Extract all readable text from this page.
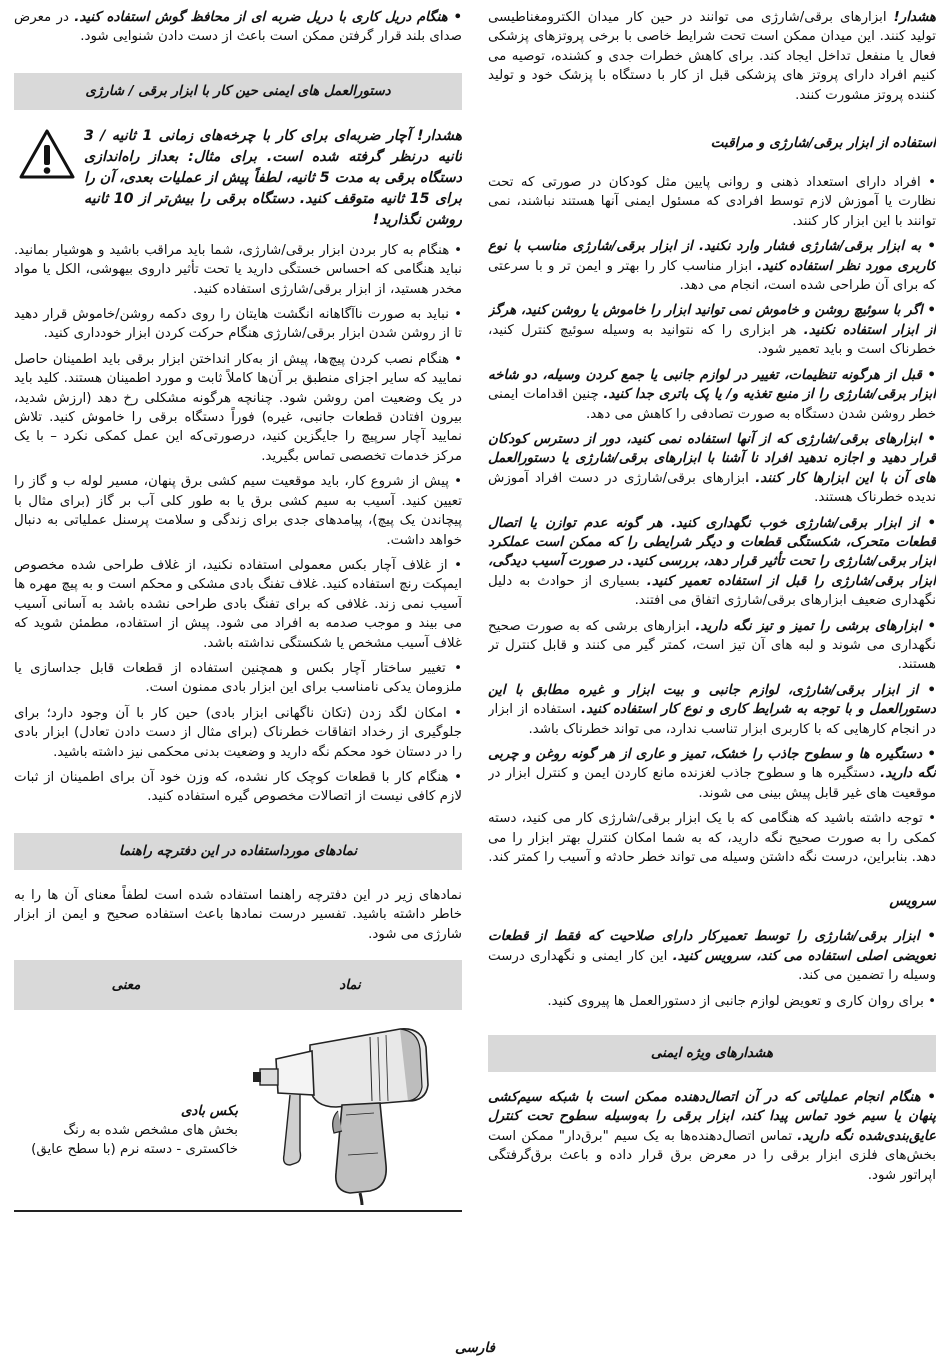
هشدار! ابزارهای برقی/شارژی می توانند در حین کار میدان الکترومغناطیسی تولید کنند. این میدان ممکن است تحت شرایط خاصی با برخی پروتزهای پزشکی فعال یا منفعل تداخل ایجاد کند. برای کاهش خطرات جدی و کشنده، توصیه می کنیم افراد دارای پروتز های پزشکی قبل از کار با دستگاه با پزشک خود و تولید کننده پروتز مشورت کنند.

استفاده از ابزار برقی/شارژی و مراقبت

• افراد دارای استعداد ذهنی و روانی پایین مثل کودکان در صورتی که تحت نظارت یا آموزش لازم توسط افرادی که مسئول ایمنی آنها هستند نباشند، نمی توانند با این ابزار کار کنند.

• به ابزار برقی/شارژی فشار وارد نکنید. از ابزار برقی/شارژی مناسب با نوع کاربری مورد نظر استفاده کنید. ابزار مناسب کار را بهتر و ایمن تر و با سرعتی که برای آن طراحی شده است، انجام می دهد.

• اگر با سوئیچ روشن و خاموش نمی توانید ابزار را خاموش یا روشن کنید، هرگز از ابزار استفاده نکنید. هر ابزاری را که نتوانید به وسیله سوئیچ کنترل کنید، خطرناک است و باید تعمیر شود.

• قبل از هرگونه تنظیمات، تغییر در لوازم جانبی یا جمع کردن وسیله، دو شاخه ابزار برقی/شارژی را از منبع تغذیه و/ یا پک باتری جدا کنید. چنین اقدامات ایمنی خطر روشن شدن دستگاه به صورت تصادفی را کاهش می دهد.

• ابزارهای برقی/شارژی که از آنها استفاده نمی کنید، دور از دسترس کودکان قرار دهید و اجازه ندهید افراد نا آشنا با ابزارهای برقی/شارژی یا دستورالعمل های آن با این ابزارها کار کنند. ابزارهای برقی/شارژی در دست افراد آموزش ندیده خطرناک هستند.

• از ابزار برقی/شارژی خوب نگهداری کنید. هر گونه عدم توازن یا اتصال قطعات متحرک، شکستگی قطعات و دیگر شرایطی را که ممکن است عملکرد ابزار برقی/شارژی را تحت تأثیر قرار دهد، بررسی کنید. در صورت آسیب دیدگی، ابزار برقی/شارژی را قبل از استفاده تعمیر کنید. بسیاری از حوادث به دلیل نگهداری ضعیف ابزارهای برقی/شارژی اتفاق می افتند.

• ابزارهای برشی را تمیز و تیز نگه دارید. ابزارهای برشی که به صورت صحیح نگهداری می شوند و لبه های آن تیز است، کمتر گیر می کنند و قابل کنترل تر هستند.

• از ابزار برقی/شارژی، لوازم جانبی و بیت ابزار و غیره مطابق با این دستورالعمل و با توجه به شرایط کاری و نوع کار استفاده کنید. استفاده از ابزار در انجام کارهایی که با کاربری ابزار تناسب ندارد، می تواند خطرناک باشد.

• دستگیره ها و سطوح جاذب را خشک، تمیز و عاری از هر گونه روغن و چربی نگه دارید. دستگیره ها و سطوح جاذب لغزنده مانع کاردن ایمن و کنترل ابزار در موقعیت های غیر قابل پیش بینی می شوند.

• توجه داشته باشید که هنگامی که با یک ابزار برقی/شارژی کار می کنید، دسته کمکی را به صورت صحیح نگه دارید، که به شما امکان کنترل بهتر ابزار را می دهد. بنابراین، درست نگه داشتن وسیله می تواند خطر حادثه و آسیب را کمتر کند.

سرویس

• ابزار برقی/شارژی را توسط تعمیرکار دارای صلاحیت که فقط از قطعات تعویضی اصلی استفاده می کند، سرویس کنید. این کار ایمنی و نگهداری درست وسیله را تضمین می کند.

• برای روان کاری و تعویض لوازم جانبی از دستورالعمل ها پیروی کنید.

هشدارهای ویژه ایمنی

• هنگام انجام عملیاتی که در آن اتصال‌دهنده ممکن است با شبکه سیم‌کشی پنهان یا سیم خود تماس پیدا کند، ابزار برقی را به‌وسیله سطوح تحت کنترل عایق‌بندی‌شده نگه دارید. تماس اتصال‌دهنده‌ها به یک سیم "برق‌دار" ممکن است بخش‌های فلزی ابزار برقی را در معرض برق قرار داده و باعث برق‌گرفتگی اپراتور شود.

• هنگام دریل کاری با دریل ضربه ای از محافظ گوش استفاده کنید. در معرض صدای بلند قرار گرفتن ممکن است باعث از دست دادن شنوایی شود.

دستورالعمل های ایمنی حین کار با ابزار برقی / شارژی
هشدار! آچار ضربه‌ای برای کار با چرخه‌های زمانی 1 ثانیه / 3 ثانیه درنظر گرفته شده است. برای مثال: بعداز راه‌اندازی دستگاه برقی به مدت 5 ثانیه، لطفاً پیش از عملیات بعدی، آن را برای 15 ثانیه متوقف کنید. دستگاه برقی را بیش‌تر از 10 ثانیه روشن نگذارید!

• هنگام به کار بردن ابزار برقی/شارژی، شما باید مراقب باشید و هوشیار بمانید. نباید هنگامی که احساس خستگی دارید یا تحت تأثیر داروی بیهوشی، الکل یا مواد مخدر هستید، از ابزار برقی/شارژی استفاده کنید.

• نباید به صورت ناآگاهانه انگشت هایتان را روی دکمه روشن/خاموش قرار دهید تا از روشن شدن ابزار برقی/شارژی هنگام حرکت کردن ابزار خودداری کنید.

• هنگام نصب کردن پیچ‌ها، پیش از به‌کار انداختن ابزار برقی باید اطمینان حاصل نمایید که سایر اجزای منطبق بر آن‌ها کاملاً ثابت و مورد اطمینان هستند. کلید باید در یک وضعیت امن روشن شود. چنانچه هرگونه مشکلی رخ دهد (ارزش شدید، بیرون افتادن قطعات جانبی، غیره) فوراً دستگاه برقی را خاموش کنید. تلاش نمایید آچار سرپیچ را جایگزین کنید، درصورتی‌که این عمل کمکی نکرد – با یک مرکز خدمات تخصصی تماس بگیرید.

• پیش از شروع کار، باید موقعیت سیم کشی برق پنهان، مسیر لوله ب و گاز را تعیین کنید. آسیب به سیم کشی برق یا به طور کلی آب بر گاز (برای مثال با پیچاندن یک پیچ)، پیامدهای جدی برای زندگی و سلامت پرسنل عملیاتی به دنبال خواهد داشت.

• از غلاف آچار بکس معمولی استفاده نکنید، از غلاف طراحی شده مخصوص ایمپکت رنچ استفاده کنید. غلاف تفنگ بادی مشکی و محکم است و به پیچ مهره ها آسیب نمی زند. غلافی که برای تفنگ بادی طراحی نشده باشد به آسانی آسیب می بیند و موجب صدمه به افراد می شود. پیش از استفاده، مطمئن شوید که غلاف آسیب مشخص یا شکستگی نداشته باشد.

• تغییر ساختار آچار بکس و همچنین استفاده از قطعات قابل جداسازی یا ملزومان یدکی نامناسب برای این ابزار بادی ممنون است.

• امکان لگد زدن (تکان ناگهانی ابزار بادی) حین کار با آن وجود دارد؛ برای جلوگیری از رخداد اتفاقات خطرناک (برای مثال از دست دادن تعادل) ابزار بادی را در دستان خود محکم نگه دارید و وضعیت بدنی محکمی نیز داشته باشید.

• هنگام کار با قطعات کوچک کار نشده، که وزن خود آن برای اطمینان از ثبات لازم کافی نیست از اتصالات مخصوص گیره استفاده کنید.

نمادهای مورداستفاده در این دفترچه راهنما

نمادهای زیر در این دفترچه راهنما استفاده شده است لطفاً معنای آن ها را به خاطر داشته باشید. تفسیر درست نمادها باعث استفاده صحیح و ایمن از ابزار شارژی می شود.

نماد
معنی
بکس بادی
بخش های مشخص شده به رنگ خاکستری - دسته نرم (با سطح عایق)
فارسی
